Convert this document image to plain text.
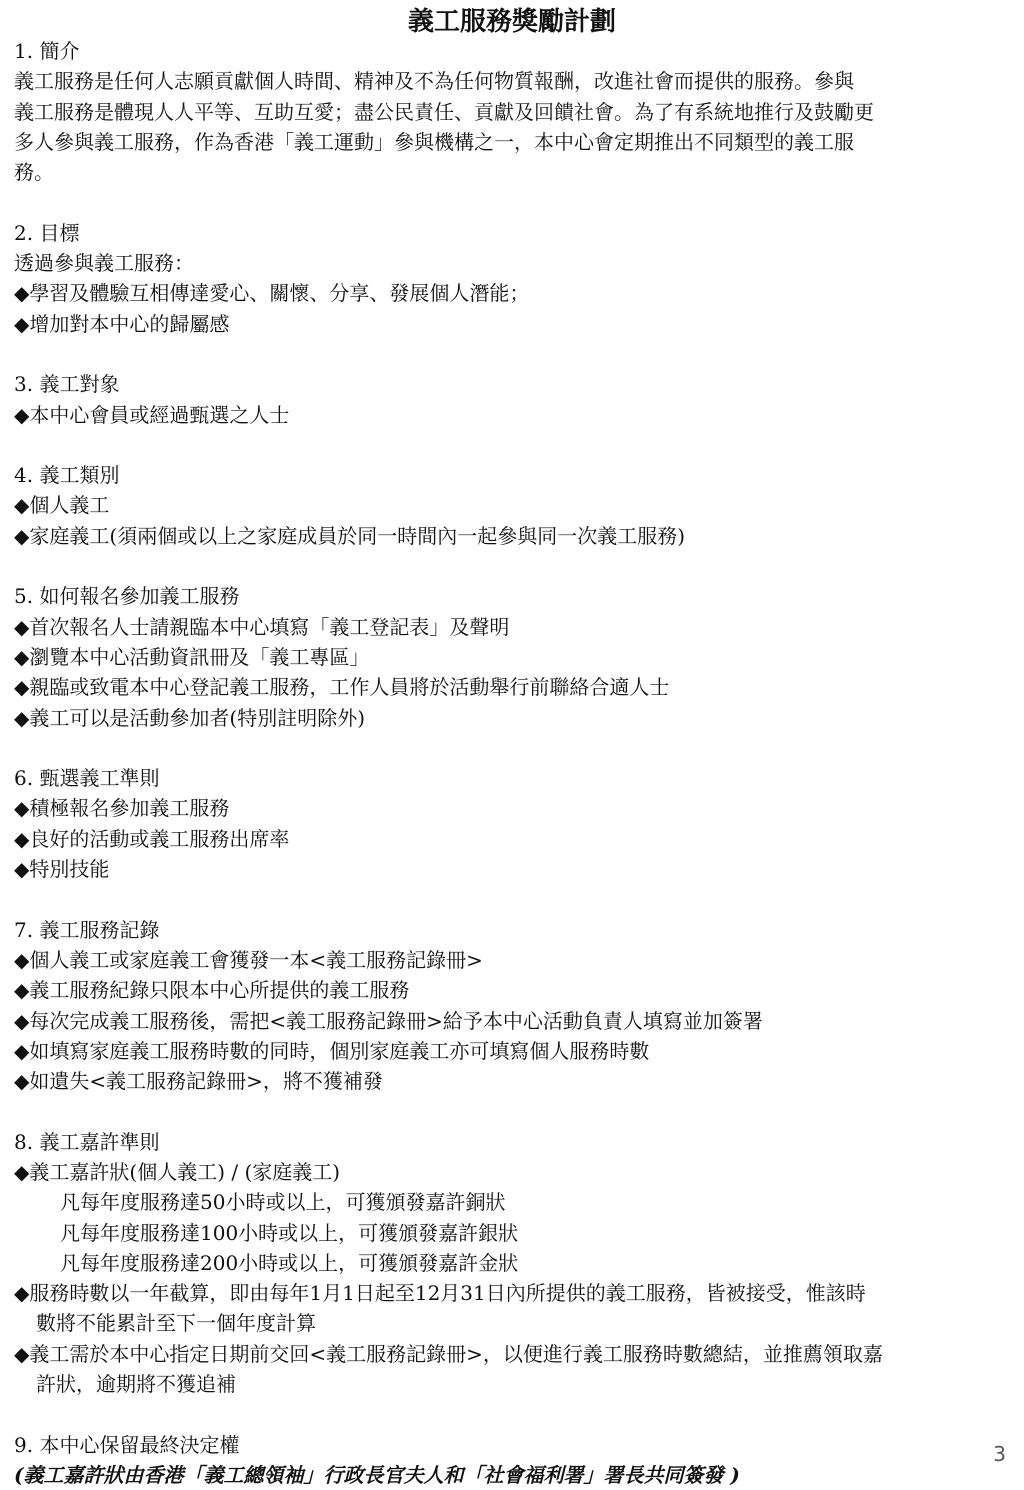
義工服務獎勵計劃
1. 簡介
義工服務是任何人志願貢獻個人時間、精神及不為任何物質報酬，改進社會而提供的服務。參與
義工服務是體現人人平等、互助互愛；盡公民責任、貢獻及回饋社會。為了有系統地推行及鼓勵更
多人參與義工服務，作為香港「義工運動」參與機構之一，本中心會定期推出不同類型的義工服
務。
2. 目標
透過參與義工服務：
◆學習及體驗互相傳達愛心、關懷、分享、發展個人潛能；
◆增加對本中心的歸屬感
3. 義工對象
◆本中心會員或經過甄選之人士
4. 義工類別
◆個人義工
◆家庭義工(須兩個或以上之家庭成員於同一時間內一起參與同一次義工服務)
5. 如何報名參加義工服務
◆首次報名人士請親臨本中心填寫「義工登記表」及聲明
◆瀏覽本中心活動資訊冊及「義工專區」
◆親臨或致電本中心登記義工服務，工作人員將於活動舉行前聯絡合適人士
◆義工可以是活動參加者(特別註明除外)
6. 甄選義工準則
◆積極報名參加義工服務
◆良好的活動或義工服務出席率
◆特別技能
7. 義工服務記錄
◆個人義工或家庭義工會獲發一本<義工服務記錄冊>
◆義工服務紀錄只限本中心所提供的義工服務
◆每次完成義工服務後，需把<義工服務記錄冊>給予本中心活動負責人填寫並加簽署
◆如填寫家庭義工服務時數的同時，個別家庭義工亦可填寫個人服務時數
◆如遺失<義工服務記錄冊>，將不獲補發
8. 義工嘉許準則
◆義工嘉許狀(個人義工) / (家庭義工)
凡每年度服務達50小時或以上，可獲頒發嘉許銅狀
凡每年度服務達100小時或以上，可獲頒發嘉許銀狀
凡每年度服務達200小時或以上，可獲頒發嘉許金狀
◆服務時數以一年截算，即由每年1月1日起至12月31日內所提供的義工服務，皆被接受，惟該時
數將不能累計至下一個年度計算
◆義工需於本中心指定日期前交回<義工服務記錄冊>，以便進行義工服務時數總結，並推薦領取嘉
許狀，逾期將不獲追補
9. 本中心保留最終決定權
(義工嘉許狀由香港「義工總領袖」行政長官夫人和「社會福利署」署長共同簽發 )
3
